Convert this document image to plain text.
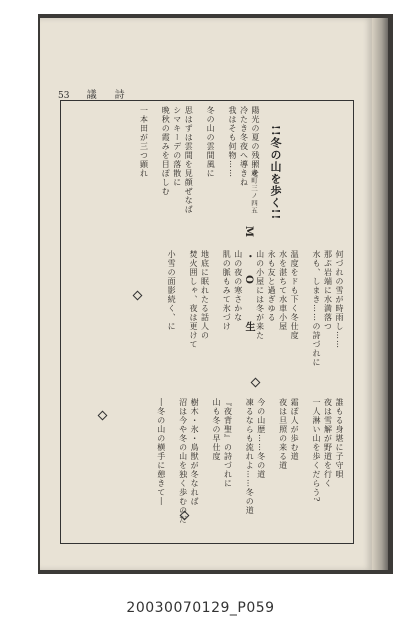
53 議　詩
!!冬の山を歩く!!
千歳町三ノ四五
M・O　生	何づれの雪が時雨し……
那ぷ岩端に水満落つ
水も、しまき……の詩づれに
温度をドも下く冬仕度
水を湛ちて水車小屋
永も友と過ぎゆる
山の小屋には冬が来た
山の夜の寒さかな
肌の脈もみて氷づけ
地底に眠れたる話人の
焚火囲しゃ、夜は更けて
小雪の面影続く、に
誰もる身堪に子守唄
夜は雪解が野道を行く
一人淋い山を歩くだらう?
霜ぽ人が歩む道
夜は旦照の来る道
今の山歴……冬の道
凍るならも流れよ……冬の道
『夜背聖』の詩づれに
山も冬の早仕度
樹木・氷・鳥獣が冬なれば
沼は今や冬の山を独く歩むのだ
―冬の山の横手に憩きて―
陽光の夏の残照を
冷たき冬夜へ導きね
我はそも何物……
冬の山の雲間風に
思はずは雲間を見顔ぜなば
シマキーデの落散に
晩秋の霞みを目ぽしむ
一本田が三つ顕れ
20030070129_P059
